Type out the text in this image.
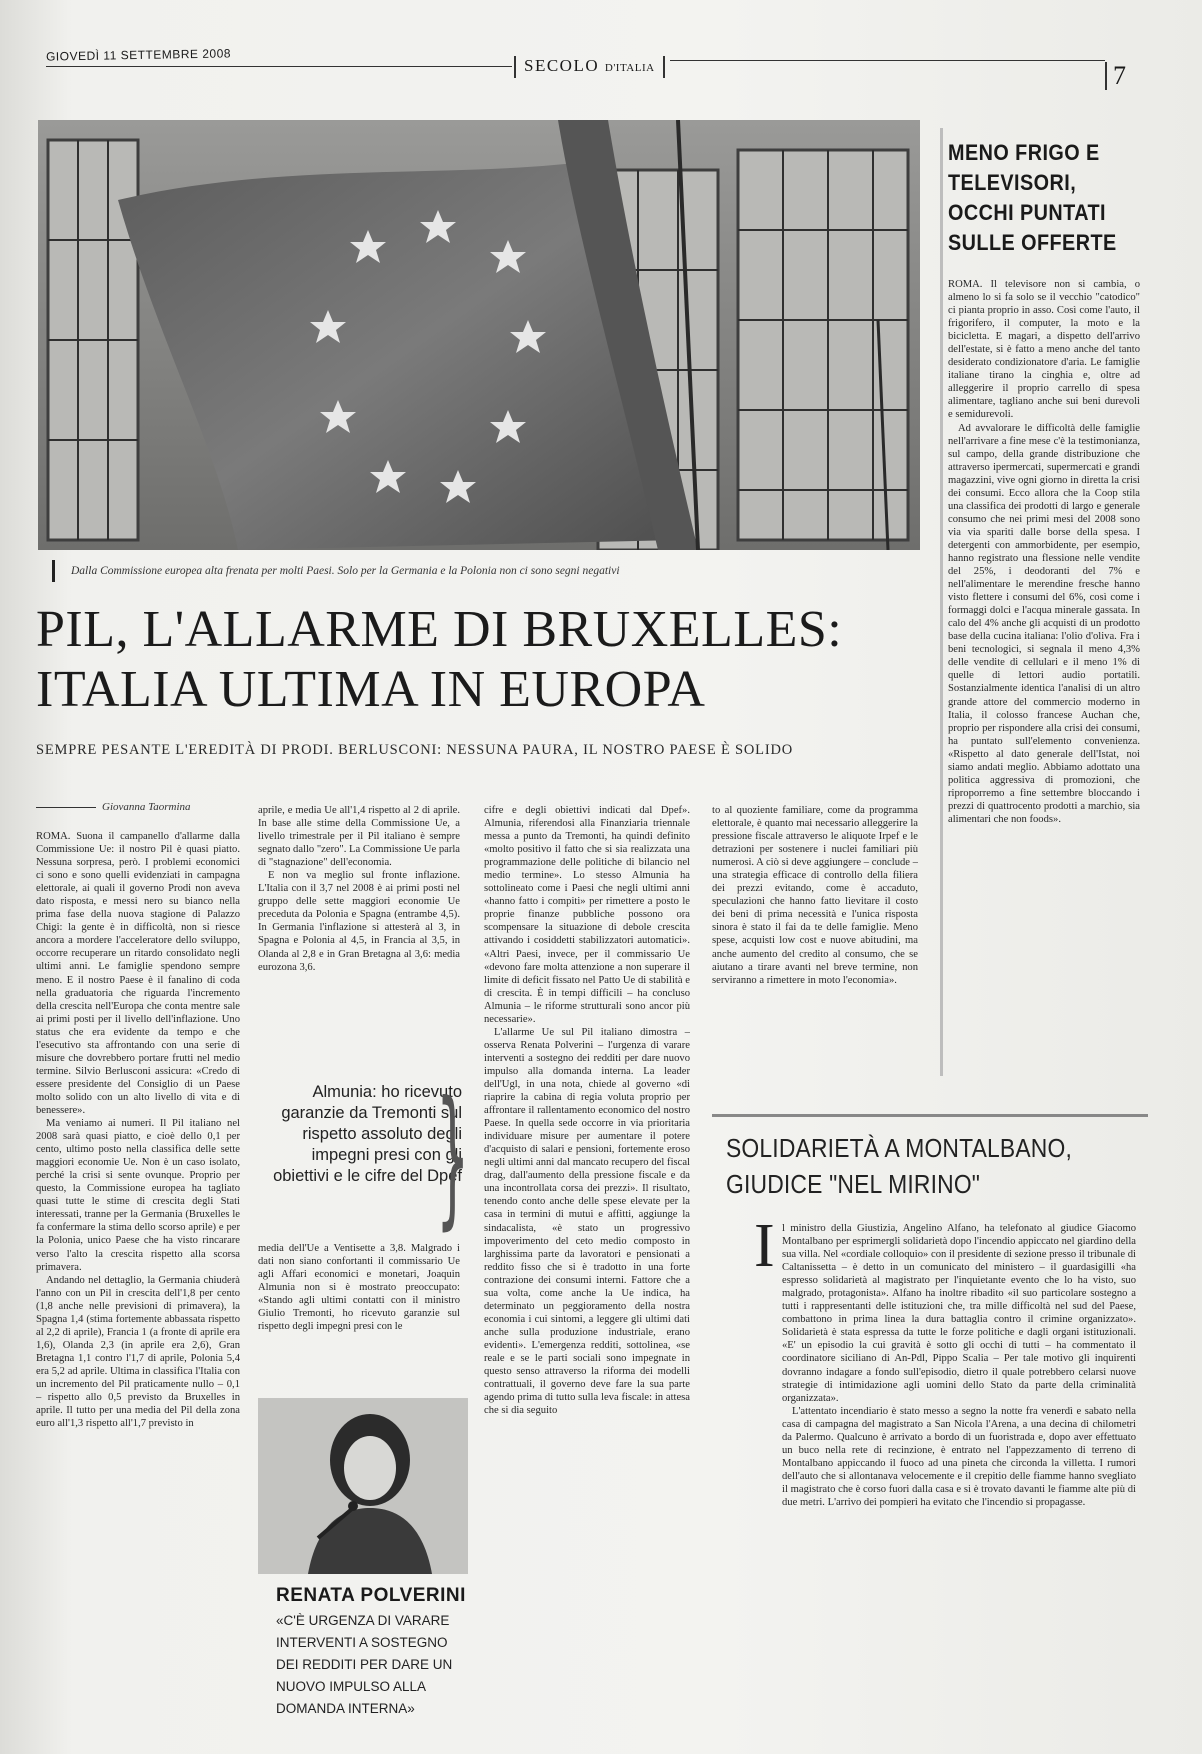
GIOVEDÌ 11 SETTEMBRE 2008
SECOLO D'ITALIA	7
Dalla Commissione europea alta frenata per molti Paesi. Solo per la Germania e la Polonia non ci sono segni negativi
PIL, L'ALLARME DI BRUXELLES:
ITALIA ULTIMA IN EUROPA
SEMPRE PESANTE L'EREDITÀ DI PRODI. BERLUSCONI: NESSUNA PAURA, IL NOSTRO PAESE È SOLIDO
Giovanna Taormina

ROMA. Suona il campanello d'allarme dalla Commissione Ue: il nostro Pil è quasi piatto. Nessuna sorpresa, però. I problemi economici ci sono e sono quelli evidenziati in campagna elettorale, ai quali il governo Prodi non aveva dato risposta, e messi nero su bianco nella prima fase della nuova stagione di Palazzo Chigi: la gente è in difficoltà, non si riesce ancora a mordere l'acceleratore dello sviluppo, occorre recuperare un ritardo consolidato negli ultimi anni. Le famiglie spendono sempre meno. E il nostro Paese è il fanalino di coda nella graduatoria che riguarda l'incremento della crescita nell'Europa che conta mentre sale ai primi posti per il livello dell'inflazione. Uno status che era evidente da tempo e che l'esecutivo sta affrontando con una serie di misure che dovrebbero portare frutti nel medio termine. Silvio Berlusconi assicura: «Credo di essere presidente del Consiglio di un Paese molto solido con un alto livello di vita e di benessere».

Ma veniamo ai numeri. Il Pil italiano nel 2008 sarà quasi piatto, e cioè dello 0,1 per cento, ultimo posto nella classifica delle sette maggiori economie Ue. Non è un caso isolato, perché la crisi si sente ovunque. Proprio per questo, la Commissione europea ha tagliato quasi tutte le stime di crescita degli Stati interessati, tranne per la Germania (Bruxelles le fa confermare la stima dello scorso aprile) e per la Polonia, unico Paese che ha visto rincarare verso l'alto la crescita rispetto alla scorsa primavera.

Andando nel dettaglio, la Germania chiuderà l'anno con un Pil in crescita dell'1,8 per cento (1,8 anche nelle previsioni di primavera), la Spagna 1,4 (stima fortemente abbassata rispetto al 2,2 di aprile), Francia 1 (a fronte di aprile era 1,6), Olanda 2,3 (in aprile era 2,6), Gran Bretagna 1,1 contro l'1,7 di aprile, Polonia 5,4 era 5,2 ad aprile. Ultima in classifica l'Italia con un incremento del Pil praticamente nullo – 0,1 – rispetto allo 0,5 previsto da Bruxelles in aprile. Il tutto per una media del Pil della zona euro all'1,3 rispetto all'1,7 previsto in

aprile, e media Ue all'1,4 rispetto al 2 di aprile. In base alle stime della Commissione Ue, a livello trimestrale per il Pil italiano è sempre segnato dallo "zero". La Commissione Ue parla di "stagnazione" dell'economia.

E non va meglio sul fronte inflazione. L'Italia con il 3,7 nel 2008 è ai primi posti nel gruppo delle sette maggiori economie Ue preceduta da Polonia e Spagna (entrambe 4,5). In Germania l'inflazione si attesterà al 3, in Spagna e Polonia al 4,5, in Francia al 3,5, in Olanda al 2,8 e in Gran Bretagna al 3,6: media eurozona 3,6.

Almunia: ho ricevuto garanzie da Tremonti sul rispetto assoluto degli impegni presi con gli obiettivi e le cifre del Dpef
}

media dell'Ue a Ventisette a 3,8. Malgrado i dati non siano confortanti il commissario Ue agli Affari economici e monetari, Joaquin Almunia non si è mostrato preoccupato: «Stando agli ultimi contatti con il ministro Giulio Tremonti, ho ricevuto garanzie sul rispetto degli impegni presi con le

RENATA POLVERINI
«C'È URGENZA DI VARARE INTERVENTI A SOSTEGNO DEI REDDITI PER DARE UN NUOVO IMPULSO ALLA DOMANDA INTERNA»

cifre e degli obiettivi indicati dal Dpef». Almunia, riferendosi alla Finanziaria triennale messa a punto da Tremonti, ha quindi definito «molto positivo il fatto che si sia realizzata una programmazione delle politiche di bilancio nel medio termine». Lo stesso Almunia ha sottolineato come i Paesi che negli ultimi anni «hanno fatto i compiti» per rimettere a posto le proprie finanze pubbliche possono ora scompensare la situazione di debole crescita attivando i cosiddetti stabilizzatori automatici». «Altri Paesi, invece, per il commissario Ue «devono fare molta attenzione a non superare il limite di deficit fissato nel Patto Ue di stabilità e di crescita. È in tempi difficili – ha concluso Almunia – le riforme strutturali sono ancor più necessarie».

L'allarme Ue sul Pil italiano dimostra – osserva Renata Polverini – l'urgenza di varare interventi a sostegno dei redditi per dare nuovo impulso alla domanda interna. La leader dell'Ugl, in una nota, chiede al governo «di riaprire la cabina di regia voluta proprio per affrontare il rallentamento economico del nostro Paese. In quella sede occorre in via prioritaria individuare misure per aumentare il potere d'acquisto di salari e pensioni, fortemente eroso negli ultimi anni dal mancato recupero del fiscal drag, dall'aumento della pressione fiscale e da una incontrollata corsa dei prezzi». Il risultato, tenendo conto anche delle spese elevate per la casa in termini di mutui e affitti, aggiunge la sindacalista, «è stato un progressivo impoverimento del ceto medio composto in larghissima parte da lavoratori e pensionati a reddito fisso che si è tradotto in una forte contrazione dei consumi interni. Fattore che a sua volta, come anche la Ue indica, ha determinato un peggioramento della nostra economia i cui sintomi, a leggere gli ultimi dati anche sulla produzione industriale, erano evidenti». L'emergenza redditi, sottolinea, «se reale e se le parti sociali sono impegnate in questo senso attraverso la riforma dei modelli contrattuali, il governo deve fare la sua parte agendo prima di tutto sulla leva fiscale: in attesa che si dia seguito

to al quoziente familiare, come da programma elettorale, è quanto mai necessario alleggerire la pressione fiscale attraverso le aliquote Irpef e le detrazioni per sostenere i nuclei familiari più numerosi. A ciò si deve aggiungere – conclude – una strategia efficace di controllo della filiera dei prezzi evitando, come è accaduto, speculazioni che hanno fatto lievitare il costo dei beni di prima necessità e l'unica risposta sinora è stato il fai da te delle famiglie. Meno spese, acquisti low cost e nuove abitudini, ma anche aumento del credito al consumo, che se aiutano a tirare avanti nel breve termine, non serviranno a rimettere in moto l'economia».

MENO FRIGO E TELEVISORI, OCCHI PUNTATI SULLE OFFERTE

ROMA. Il televisore non si cambia, o almeno lo si fa solo se il vecchio "catodico" ci pianta proprio in asso. Così come l'auto, il frigorifero, il computer, la moto e la bicicletta. E magari, a dispetto dell'arrivo dell'estate, si è fatto a meno anche del tanto desiderato condizionatore d'aria. Le famiglie italiane tirano la cinghia e, oltre ad alleggerire il proprio carrello di spesa alimentare, tagliano anche sui beni durevoli e semidurevoli.

Ad avvalorare le difficoltà delle famiglie nell'arrivare a fine mese c'è la testimonianza, sul campo, della grande distribuzione che attraverso ipermercati, supermercati e grandi magazzini, vive ogni giorno in diretta la crisi dei consumi. Ecco allora che la Coop stila una classifica dei prodotti di largo e generale consumo che nei primi mesi del 2008 sono via via spariti dalle borse della spesa. I detergenti con ammorbidente, per esempio, hanno registrato una flessione nelle vendite del 25%, i deodoranti del 7% e nell'alimentare le merendine fresche hanno visto flettere i consumi del 6%, così come i formaggi dolci e l'acqua minerale gassata. In calo del 4% anche gli acquisti di un prodotto base della cucina italiana: l'olio d'oliva. Fra i beni tecnologici, si segnala il meno 4,3% delle vendite di cellulari e il meno 1% di quelle di lettori audio portatili. Sostanzialmente identica l'analisi di un altro grande attore del commercio moderno in Italia, il colosso francese Auchan che, proprio per rispondere alla crisi dei consumi, ha puntato sull'elemento convenienza. «Rispetto al dato generale dell'Istat, noi siamo andati meglio. Abbiamo adottato una politica aggressiva di promozioni, che riproporremo a fine settembre bloccando i prezzi di quattrocento prodotti a marchio, sia alimentari che non foods».

SOLIDARIETÀ A MONTALBANO,
GIUDICE "NEL MIRINO"
I l ministro della Giustizia, Angelino Alfano, ha telefonato al giudice Giacomo Montalbano per esprimergli solidarietà dopo l'incendio appiccato nel giardino della sua villa. Nel «cordiale colloquio» con il presidente di sezione presso il tribunale di Caltanissetta – è detto in un comunicato del ministero – il guardasigilli «ha espresso solidarietà al magistrato per l'inquietante evento che lo ha visto, suo malgrado, protagonista». Alfano ha inoltre ribadito «il suo particolare sostegno a tutti i rappresentanti delle istituzioni che, tra mille difficoltà nel sud del Paese, combattono in prima linea la dura battaglia contro il crimine organizzato». Solidarietà è stata espressa da tutte le forze politiche e dagli organi istituzionali. «E' un episodio la cui gravità è sotto gli occhi di tutti – ha commentato il coordinatore siciliano di An-Pdl, Pippo Scalia – Per tale motivo gli inquirenti dovranno indagare a fondo sull'episodio, dietro il quale potrebbero celarsi nuove strategie di intimidazione agli uomini dello Stato da parte della criminalità organizzata».

L'attentato incendiario è stato messo a segno la notte fra venerdì e sabato nella casa di campagna del magistrato a San Nicola l'Arena, a una decina di chilometri da Palermo. Qualcuno è arrivato a bordo di un fuoristrada e, dopo aver effettuato un buco nella rete di recinzione, è entrato nel l'appezzamento di terreno di Montalbano appiccando il fuoco ad una pineta che circonda la villetta. I rumori dell'auto che si allontanava velocemente e il crepitio delle fiamme hanno svegliato il magistrato che è corso fuori dalla casa e si è trovato davanti le fiamme alte più di due metri. L'arrivo dei pompieri ha evitato che l'incendio si propagasse.
